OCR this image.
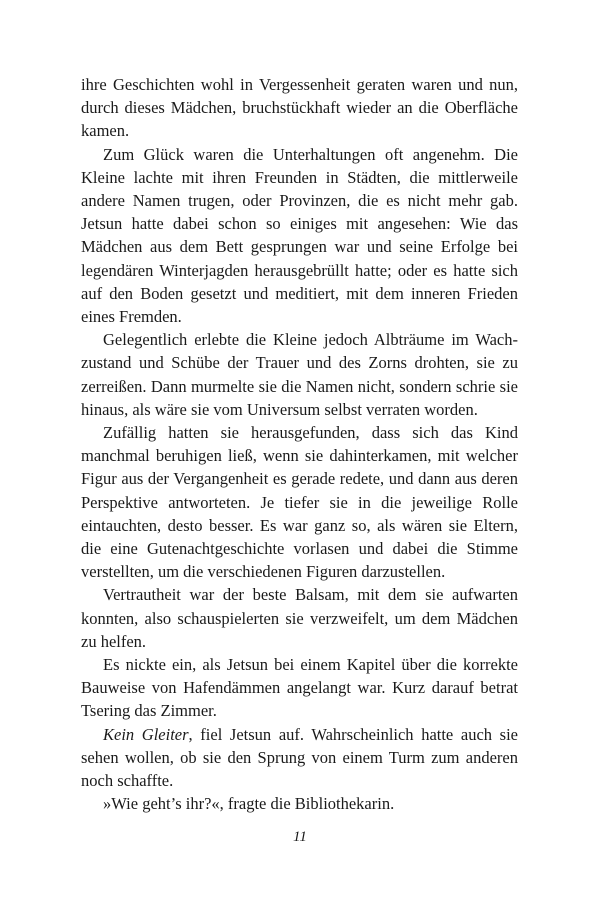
ihre Geschichten wohl in Vergessenheit geraten waren und nun, durch dieses Mädchen, bruchstückhaft wieder an die Oberfläche kamen.

Zum Glück waren die Unterhaltungen oft angenehm. Die Kleine lachte mit ihren Freunden in Städten, die mittlerweile andere Namen trugen, oder Provinzen, die es nicht mehr gab. Jetsun hatte dabei schon so einiges mit angesehen: Wie das Mädchen aus dem Bett gesprungen war und seine Erfolge bei legendären Winterjagden herausgebrüllt hatte; oder es hatte sich auf den Boden gesetzt und meditiert, mit dem inneren Frieden eines Fremden.

Gelegentlich erlebte die Kleine jedoch Albträume im Wachzustand und Schübe der Trauer und des Zorns drohten, sie zu zerreißen. Dann murmelte sie die Namen nicht, sondern schrie sie hinaus, als wäre sie vom Universum selbst verraten worden.

Zufällig hatten sie herausgefunden, dass sich das Kind manchmal beruhigen ließ, wenn sie dahinterkamen, mit welcher Figur aus der Vergangenheit es gerade redete, und dann aus deren Perspektive antworteten. Je tiefer sie in die jeweilige Rolle eintauchten, desto besser. Es war ganz so, als wären sie Eltern, die eine Gutenachtgeschichte vorlasen und dabei die Stimme verstellten, um die verschiedenen Figuren darzustellen.

Vertrautheit war der beste Balsam, mit dem sie aufwarten konnten, also schauspielerten sie verzweifelt, um dem Mädchen zu helfen.

Es nickte ein, als Jetsun bei einem Kapitel über die korrekte Bauweise von Hafendämmen angelangt war. Kurz darauf betrat Tsering das Zimmer.

Kein Gleiter, fiel Jetsun auf. Wahrscheinlich hatte auch sie sehen wollen, ob sie den Sprung von einem Turm zum anderen noch schaffte.

»Wie geht’s ihr?«, fragte die Bibliothekarin.

11
